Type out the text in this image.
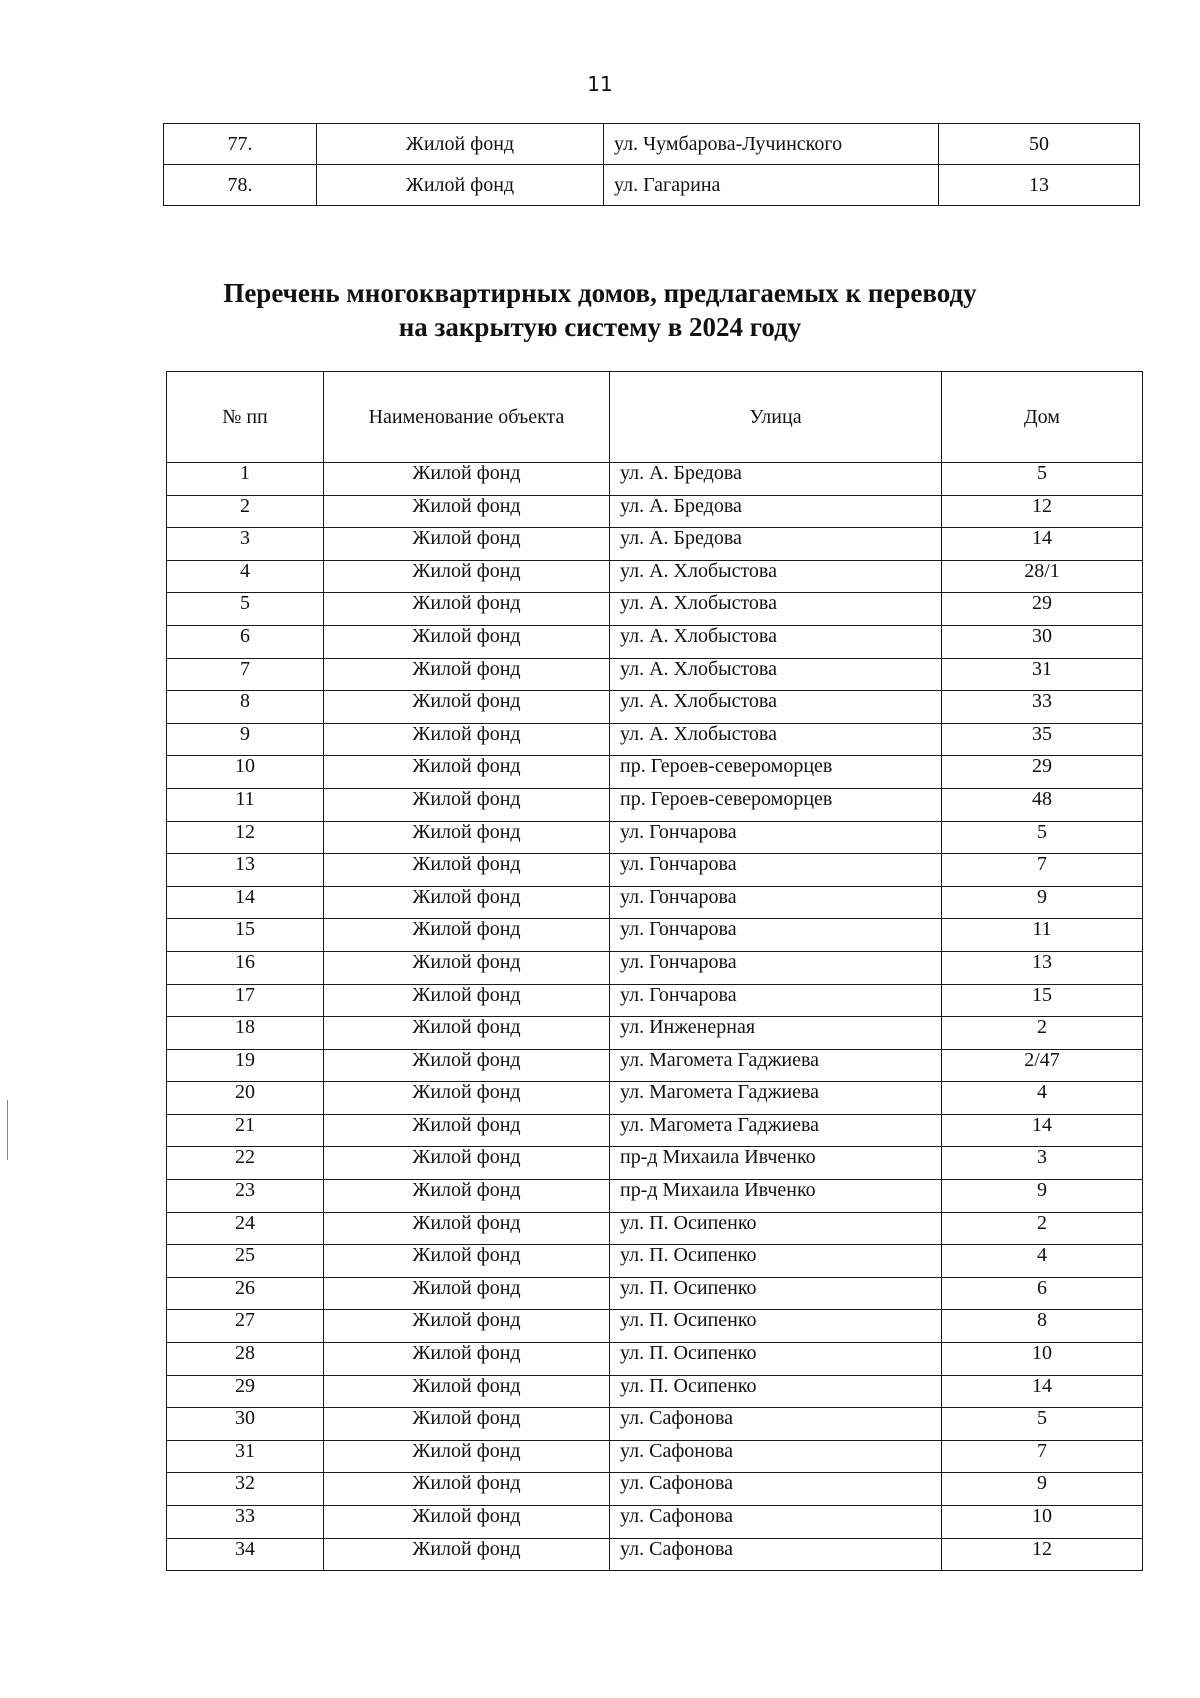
11
77.	Жилой фонд	ул. Чумбарова-Лучинского	50
78.	Жилой фонд	ул. Гагарина	13
Перечень многоквартирных домов, предлагаемых к переводу
на закрытую систему в 2024 году
№ пп	Наименование объекта	Улица	Дом
1	Жилой фонд	ул. А. Бредова	5
2	Жилой фонд	ул. А. Бредова	12
3	Жилой фонд	ул. А. Бредова	14
4	Жилой фонд	ул. А. Хлобыстова	28/1
5	Жилой фонд	ул. А. Хлобыстова	29
6	Жилой фонд	ул. А. Хлобыстова	30
7	Жилой фонд	ул. А. Хлобыстова	31
8	Жилой фонд	ул. А. Хлобыстова	33
9	Жилой фонд	ул. А. Хлобыстова	35
10	Жилой фонд	пр. Героев-североморцев	29
11	Жилой фонд	пр. Героев-североморцев	48
12	Жилой фонд	ул. Гончарова	5
13	Жилой фонд	ул. Гончарова	7
14	Жилой фонд	ул. Гончарова	9
15	Жилой фонд	ул. Гончарова	11
16	Жилой фонд	ул. Гончарова	13
17	Жилой фонд	ул. Гончарова	15
18	Жилой фонд	ул. Инженерная	2
19	Жилой фонд	ул. Магомета Гаджиева	2/47
20	Жилой фонд	ул. Магомета Гаджиева	4
21	Жилой фонд	ул. Магомета Гаджиева	14
22	Жилой фонд	пр-д Михаила Ивченко	3
23	Жилой фонд	пр-д Михаила Ивченко	9
24	Жилой фонд	ул. П. Осипенко	2
25	Жилой фонд	ул. П. Осипенко	4
26	Жилой фонд	ул. П. Осипенко	6
27	Жилой фонд	ул. П. Осипенко	8
28	Жилой фонд	ул. П. Осипенко	10
29	Жилой фонд	ул. П. Осипенко	14
30	Жилой фонд	ул. Сафонова	5
31	Жилой фонд	ул. Сафонова	7
32	Жилой фонд	ул. Сафонова	9
33	Жилой фонд	ул. Сафонова	10
34	Жилой фонд	ул. Сафонова	12
